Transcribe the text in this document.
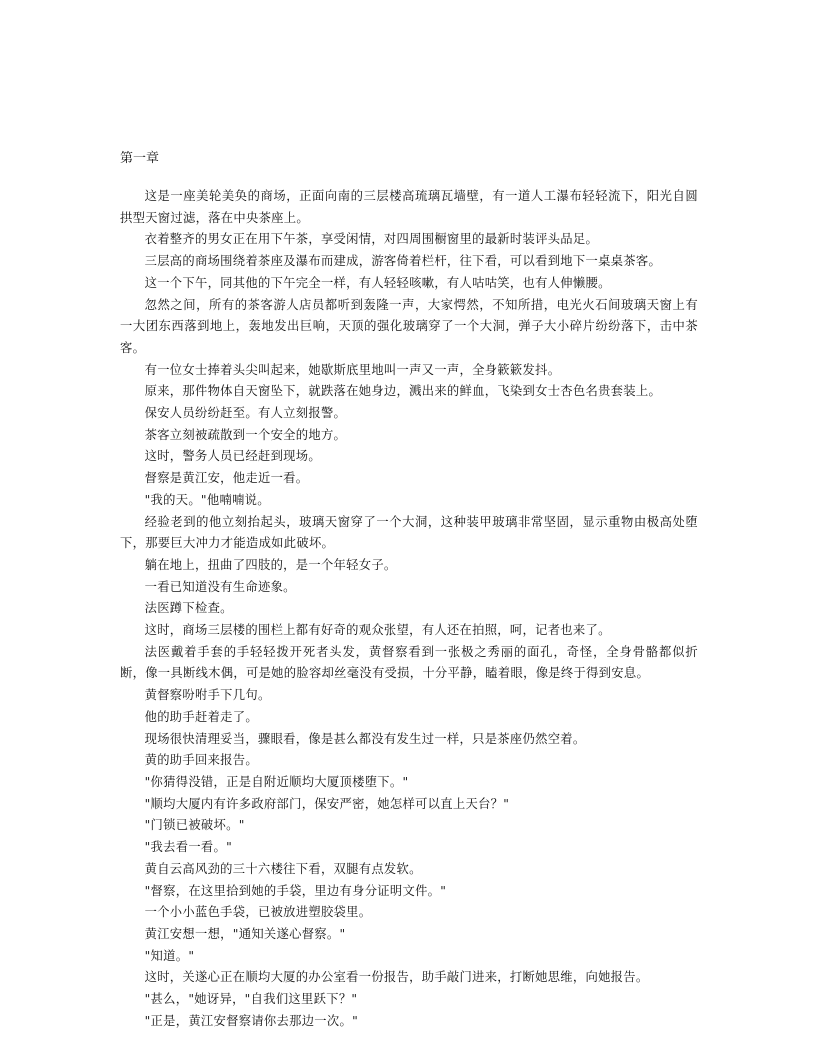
第一章

这是一座美轮美奂的商场，正面向南的三层楼高琉璃瓦墙壁，有一道人工瀑布轻轻流下，阳光自圆拱型天窗过滤，落在中央茶座上。

衣着整齐的男女正在用下午茶，享受闲情，对四周围橱窗里的最新时装评头品足。

三层高的商场围绕着茶座及瀑布而建成，游客倚着栏杆，往下看，可以看到地下一桌桌茶客。

这一个下午，同其他的下午完全一样，有人轻轻咳嗽，有人咕咕笑，也有人伸懒腰。

忽然之间，所有的茶客游人店员都听到轰隆一声，大家愕然，不知所措，电光火石间玻璃天窗上有一大团东西落到地上，轰地发出巨响，天顶的强化玻璃穿了一个大洞，弹子大小碎片纷纷落下，击中茶客。

有一位女士捧着头尖叫起来，她歇斯底里地叫一声又一声，全身簌簌发抖。

原来，那件物体自天窗坠下，就跌落在她身边，溅出来的鲜血，飞染到女士杏色名贵套装上。

保安人员纷纷赶至。有人立刻报警。

茶客立刻被疏散到一个安全的地方。

这时，警务人员已经赶到现场。

督察是黄江安，他走近一看。

"我的天。"他喃喃说。

经验老到的他立刻抬起头，玻璃天窗穿了一个大洞，这种装甲玻璃非常坚固，显示重物由极高处堕下，那要巨大冲力才能造成如此破坏。

躺在地上，扭曲了四肢的，是一个年轻女子。

一看已知道没有生命迹象。

法医蹲下检查。

这时，商场三层楼的围栏上都有好奇的观众张望，有人还在拍照，呵，记者也来了。

法医戴着手套的手轻轻拨开死者头发，黄督察看到一张极之秀丽的面孔，奇怪，全身骨骼都似折断，像一具断线木偶，可是她的脸容却丝毫没有受损，十分平静，瞌着眼，像是终于得到安息。

黄督察吩咐手下几句。

他的助手赶着走了。

现场很快清理妥当，骤眼看，像是甚么都没有发生过一样，只是茶座仍然空着。

黄的助手回来报告。

"你猜得没错，正是自附近顺均大厦顶楼堕下。"

"顺均大厦内有许多政府部门，保安严密，她怎样可以直上天台？"

"门锁已被破坏。"

"我去看一看。"

黄自云高风劲的三十六楼往下看，双腿有点发软。

"督察，在这里拾到她的手袋，里边有身分证明文件。"

一个小小蓝色手袋，已被放进塑胶袋里。

黄江安想一想，"通知关遂心督察。"

"知道。"

这时，关遂心正在顺均大厦的办公室看一份报告，助手敲门进来，打断她思维，向她报告。

"甚么，"她讶异，"自我们这里跃下？"

"正是，黄江安督察请你去那边一次。"
